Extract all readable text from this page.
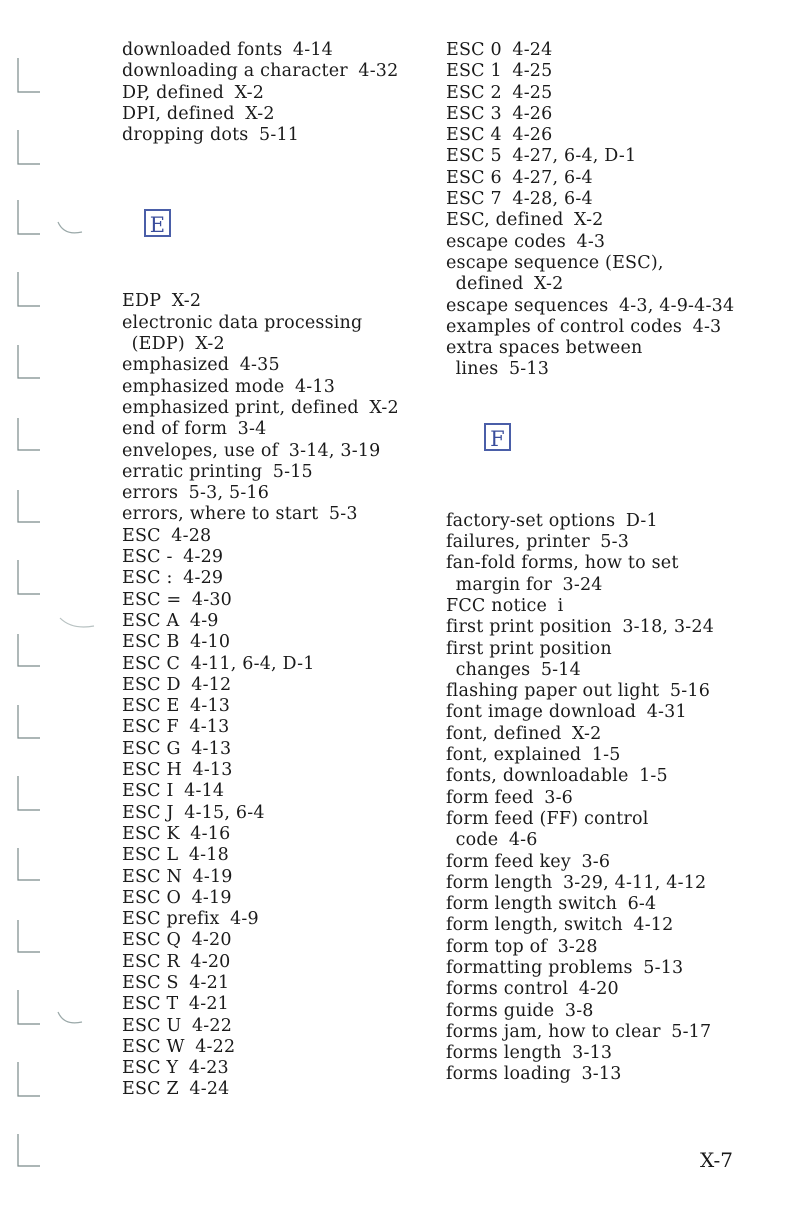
downloaded fonts 4-14
downloading a character 4-32
DP, defined X-2
DPI, defined X-2
dropping dots 5-11
E
EDP X-2
electronic data processing
(EDP) X-2
emphasized 4-35
emphasized mode 4-13
emphasized print, defined X-2
end of form 3-4
envelopes, use of 3-14, 3-19
erratic printing 5-15
errors 5-3, 5-16
errors, where to start 5-3
ESC 4-28
ESC - 4-29
ESC : 4-29
ESC = 4-30
ESC A 4-9
ESC B 4-10
ESC C 4-11, 6-4, D-1
ESC D 4-12
ESC E 4-13
ESC F 4-13
ESC G 4-13
ESC H 4-13
ESC I 4-14
ESC J 4-15, 6-4
ESC K 4-16
ESC L 4-18
ESC N 4-19
ESC O 4-19
ESC prefix 4-9
ESC Q 4-20
ESC R 4-20
ESC S 4-21
ESC T 4-21
ESC U 4-22
ESC W 4-22
ESC Y 4-23
ESC Z 4-24
ESC 0 4-24
ESC 1 4-25
ESC 2 4-25
ESC 3 4-26
ESC 4 4-26
ESC 5 4-27, 6-4, D-1
ESC 6 4-27, 6-4
ESC 7 4-28, 6-4
ESC, defined X-2
escape codes 4-3
escape sequence (ESC),
defined X-2
escape sequences 4-3, 4-9-4-34
examples of control codes 4-3
extra spaces between
lines 5-13
F
factory-set options D-1
failures, printer 5-3
fan-fold forms, how to set
margin for 3-24
FCC notice i
first print position 3-18, 3-24
first print position
changes 5-14
flashing paper out light 5-16
font image download 4-31
font, defined X-2
font, explained 1-5
fonts, downloadable 1-5
form feed 3-6
form feed (FF) control
code 4-6
form feed key 3-6
form length 3-29, 4-11, 4-12
form length switch 6-4
form length, switch 4-12
form top of 3-28
formatting problems 5-13
forms control 4-20
forms guide 3-8
forms jam, how to clear 5-17
forms length 3-13
forms loading 3-13
X-7
